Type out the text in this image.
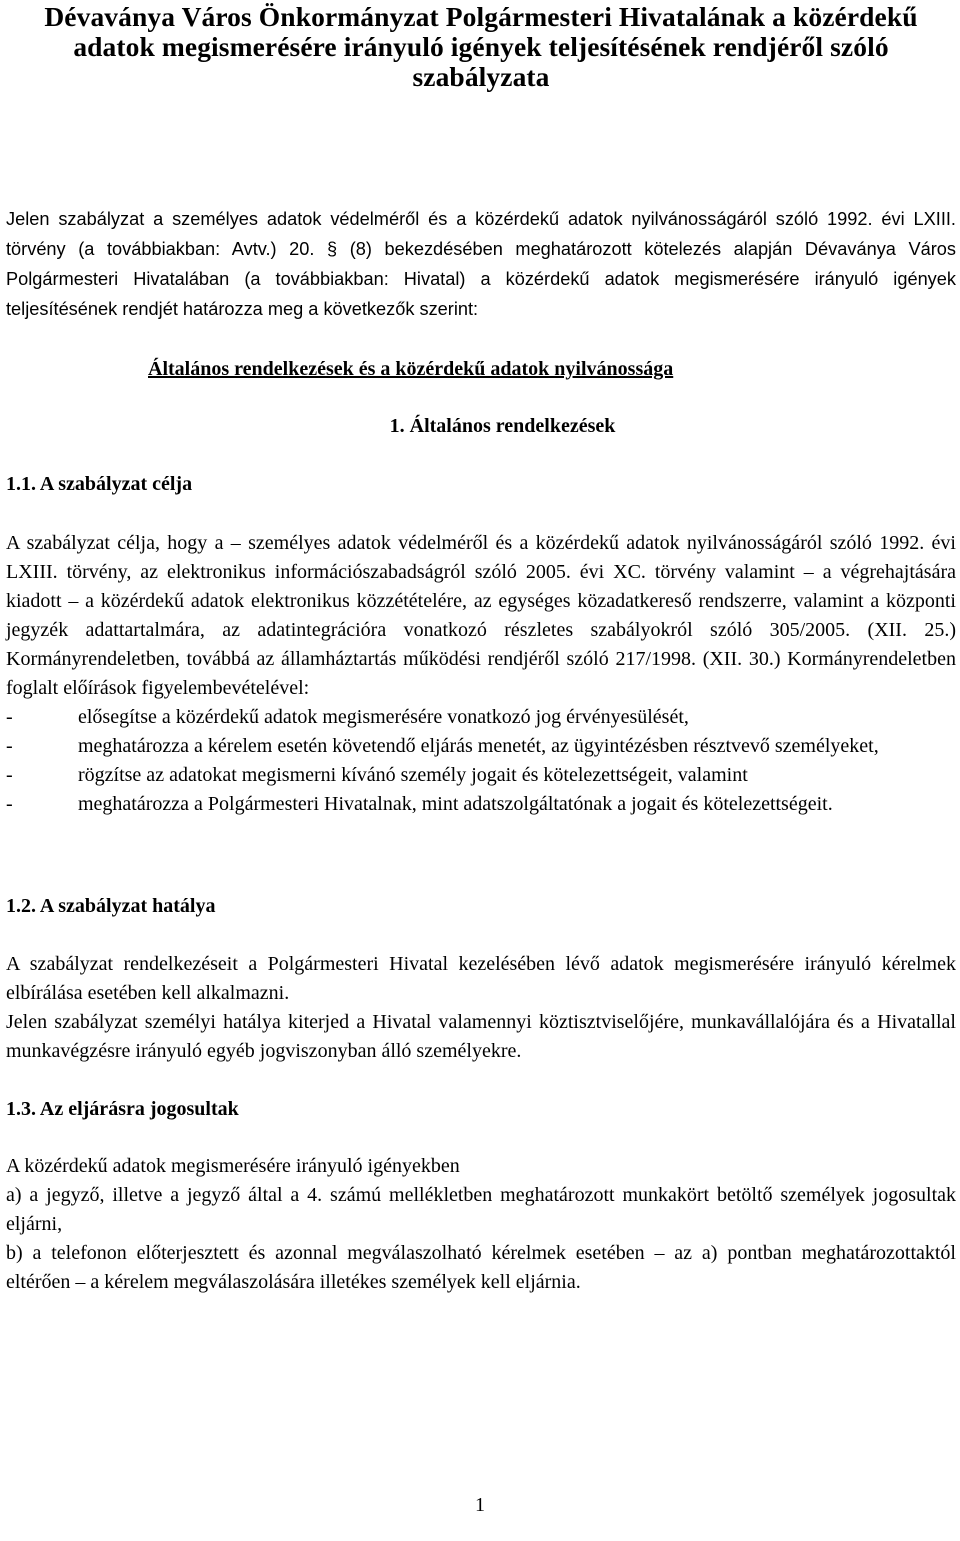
Dévaványa Város Önkormányzat Polgármesteri Hivatalának a közérdekű adatok megismerésére irányuló igények teljesítésének rendjéről szóló szabályzata

Jelen szabályzat a személyes adatok védelméről és a közérdekű adatok nyilvánosságáról szóló 1992. évi LXIII. törvény (a továbbiakban: Avtv.) 20. § (8) bekezdésében meghatározott kötelezés alapján Dévaványa Város Polgármesteri Hivatalában (a továbbiakban: Hivatal) a közérdekű adatok megismerésére irányuló igények teljesítésének rendjét határozza meg a következők szerint:

Általános rendelkezések és a közérdekű adatok nyilvánossága
1. Általános rendelkezések
1.1. A szabályzat célja

A szabályzat célja, hogy a – személyes adatok védelméről és a közérdekű adatok nyilvánosságáról szóló 1992. évi LXIII. törvény, az elektronikus információszabadságról szóló 2005. évi XC. törvény valamint – a végrehajtására kiadott – a közérdekű adatok elektronikus közzétételére, az egységes közadatkereső rendszerre, valamint a központi jegyzék adattartalmára, az adatintegrációra vonatkozó részletes szabályokról szóló 305/2005. (XII. 25.) Kormányrendeletben, továbbá az államháztartás működési rendjéről szóló 217/1998. (XII. 30.) Kormányrendeletben foglalt előírások figyelembevételével:

-	elősegítse a közérdekű adatok megismerésére vonatkozó jog érvényesülését,
-	meghatározza a kérelem esetén követendő eljárás menetét, az ügyintézésben résztvevő személyeket,
-	rögzítse az adatokat megismerni kívánó személy jogait és kötelezettségeit, valamint
-	meghatározza a Polgármesteri Hivatalnak, mint adatszolgáltatónak a jogait és kötelezettségeit.
1.2. A szabályzat hatálya

A szabályzat rendelkezéseit a Polgármesteri Hivatal kezelésében lévő adatok megismerésére irányuló kérelmek elbírálása esetében kell alkalmazni.

Jelen szabályzat személyi hatálya kiterjed a Hivatal valamennyi köztisztviselőjére, munkavállalójára és a Hivatallal munkavégzésre irányuló egyéb jogviszonyban álló személyekre.

1.3. Az eljárásra jogosultak

A közérdekű adatok megismerésére irányuló igényekben

a) a jegyző, illetve a jegyző által a 4. számú mellékletben meghatározott munkakört betöltő személyek jogosultak eljárni,

b) a telefonon előterjesztett és azonnal megválaszolható kérelmek esetében – az a) pontban meghatározottaktól eltérően – a kérelem megválaszolására illetékes személyek kell eljárnia.

1
